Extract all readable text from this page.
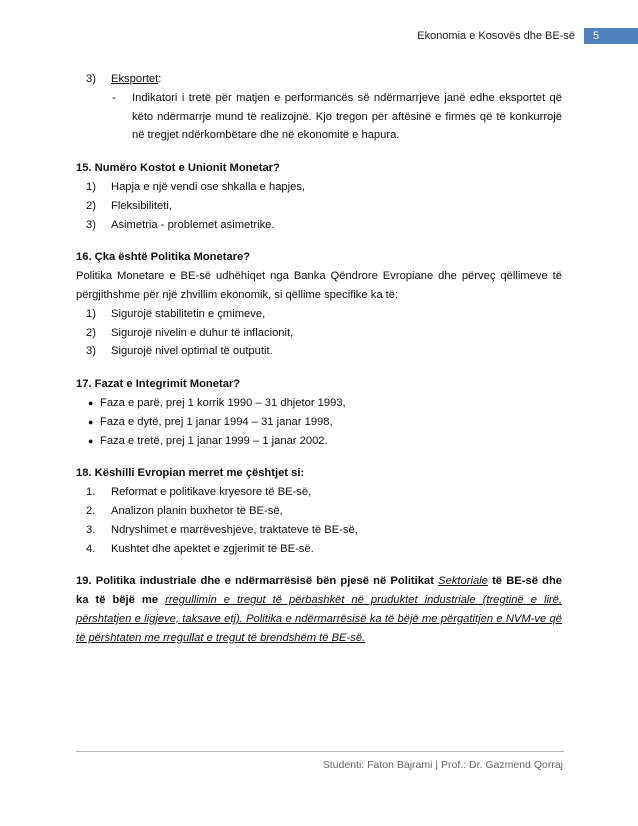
Ekonomia e Kosovës dhe BE-së	5
3)	Eksportet:
-	Indikatori i tretë për matjen e performancës së ndërmarrjeve janë edhe eksportet që këto ndërmarrje mund të realizojnë. Kjo tregon për aftësinë e firmës që të konkurrojë në tregjet ndërkombëtare dhe në ekonomitë e hapura.
15. Numëro Kostot e Unionit Monetar?
1)	Hapja e një vendi ose shkalla e hapjes,
2)	Fleksibiliteti,
3)	Asimetria - problemet asimetrike.
16. Çka është Politika Monetare?
Politika Monetare e BE-së udhëhiqet nga Banka Qëndrore Evropiane dhe përveç qëllimeve të përgjithshme për një zhvillim ekonomik, si qëllime specifike ka të:
1)	Sigurojë stabilitetin e çmimeve,
2)	Sigurojë nivelin e duhur të inflacionit,
3)	Sigurojë nivel optimal të outputit.
17. Fazat e Integrimit Monetar?
● Faza e parë, prej 1 korrik 1990 – 31 dhjetor 1993,
● Faza e dytë, prej 1 janar 1994 – 31 janar 1998,
● Faza e tretë, prej 1 janar 1999 – 1 janar 2002.
18. Këshilli Evropian merret me çështjet si:
1.	Reformat e politikave kryesore të BE-së,
2.	Analizon planin buxhetor të BE-së,
3.	Ndryshimet e marrëveshjeve, traktateve të BE-së,
4.	Kushtet dhe apektet e zgjerimit të BE-së.
19. Politika industriale dhe e ndërmarrësisë bën pjesë në Politikat Sektoriale të BE-së dhe ka të bëjë me rregullimin e tregut të përbashkët në pruduktet industriale (tregtinë e lirë, përshtatjen e ligjeve, taksave etj). Politika e ndërmarrësisë ka të bëjë me përgatitjen e NVM-ve që të përshtaten me rregullat e tregut të brendshëm të BE-së.
Studenti: Faton Bajrami | Prof.: Dr. Gazmend Qorraj
